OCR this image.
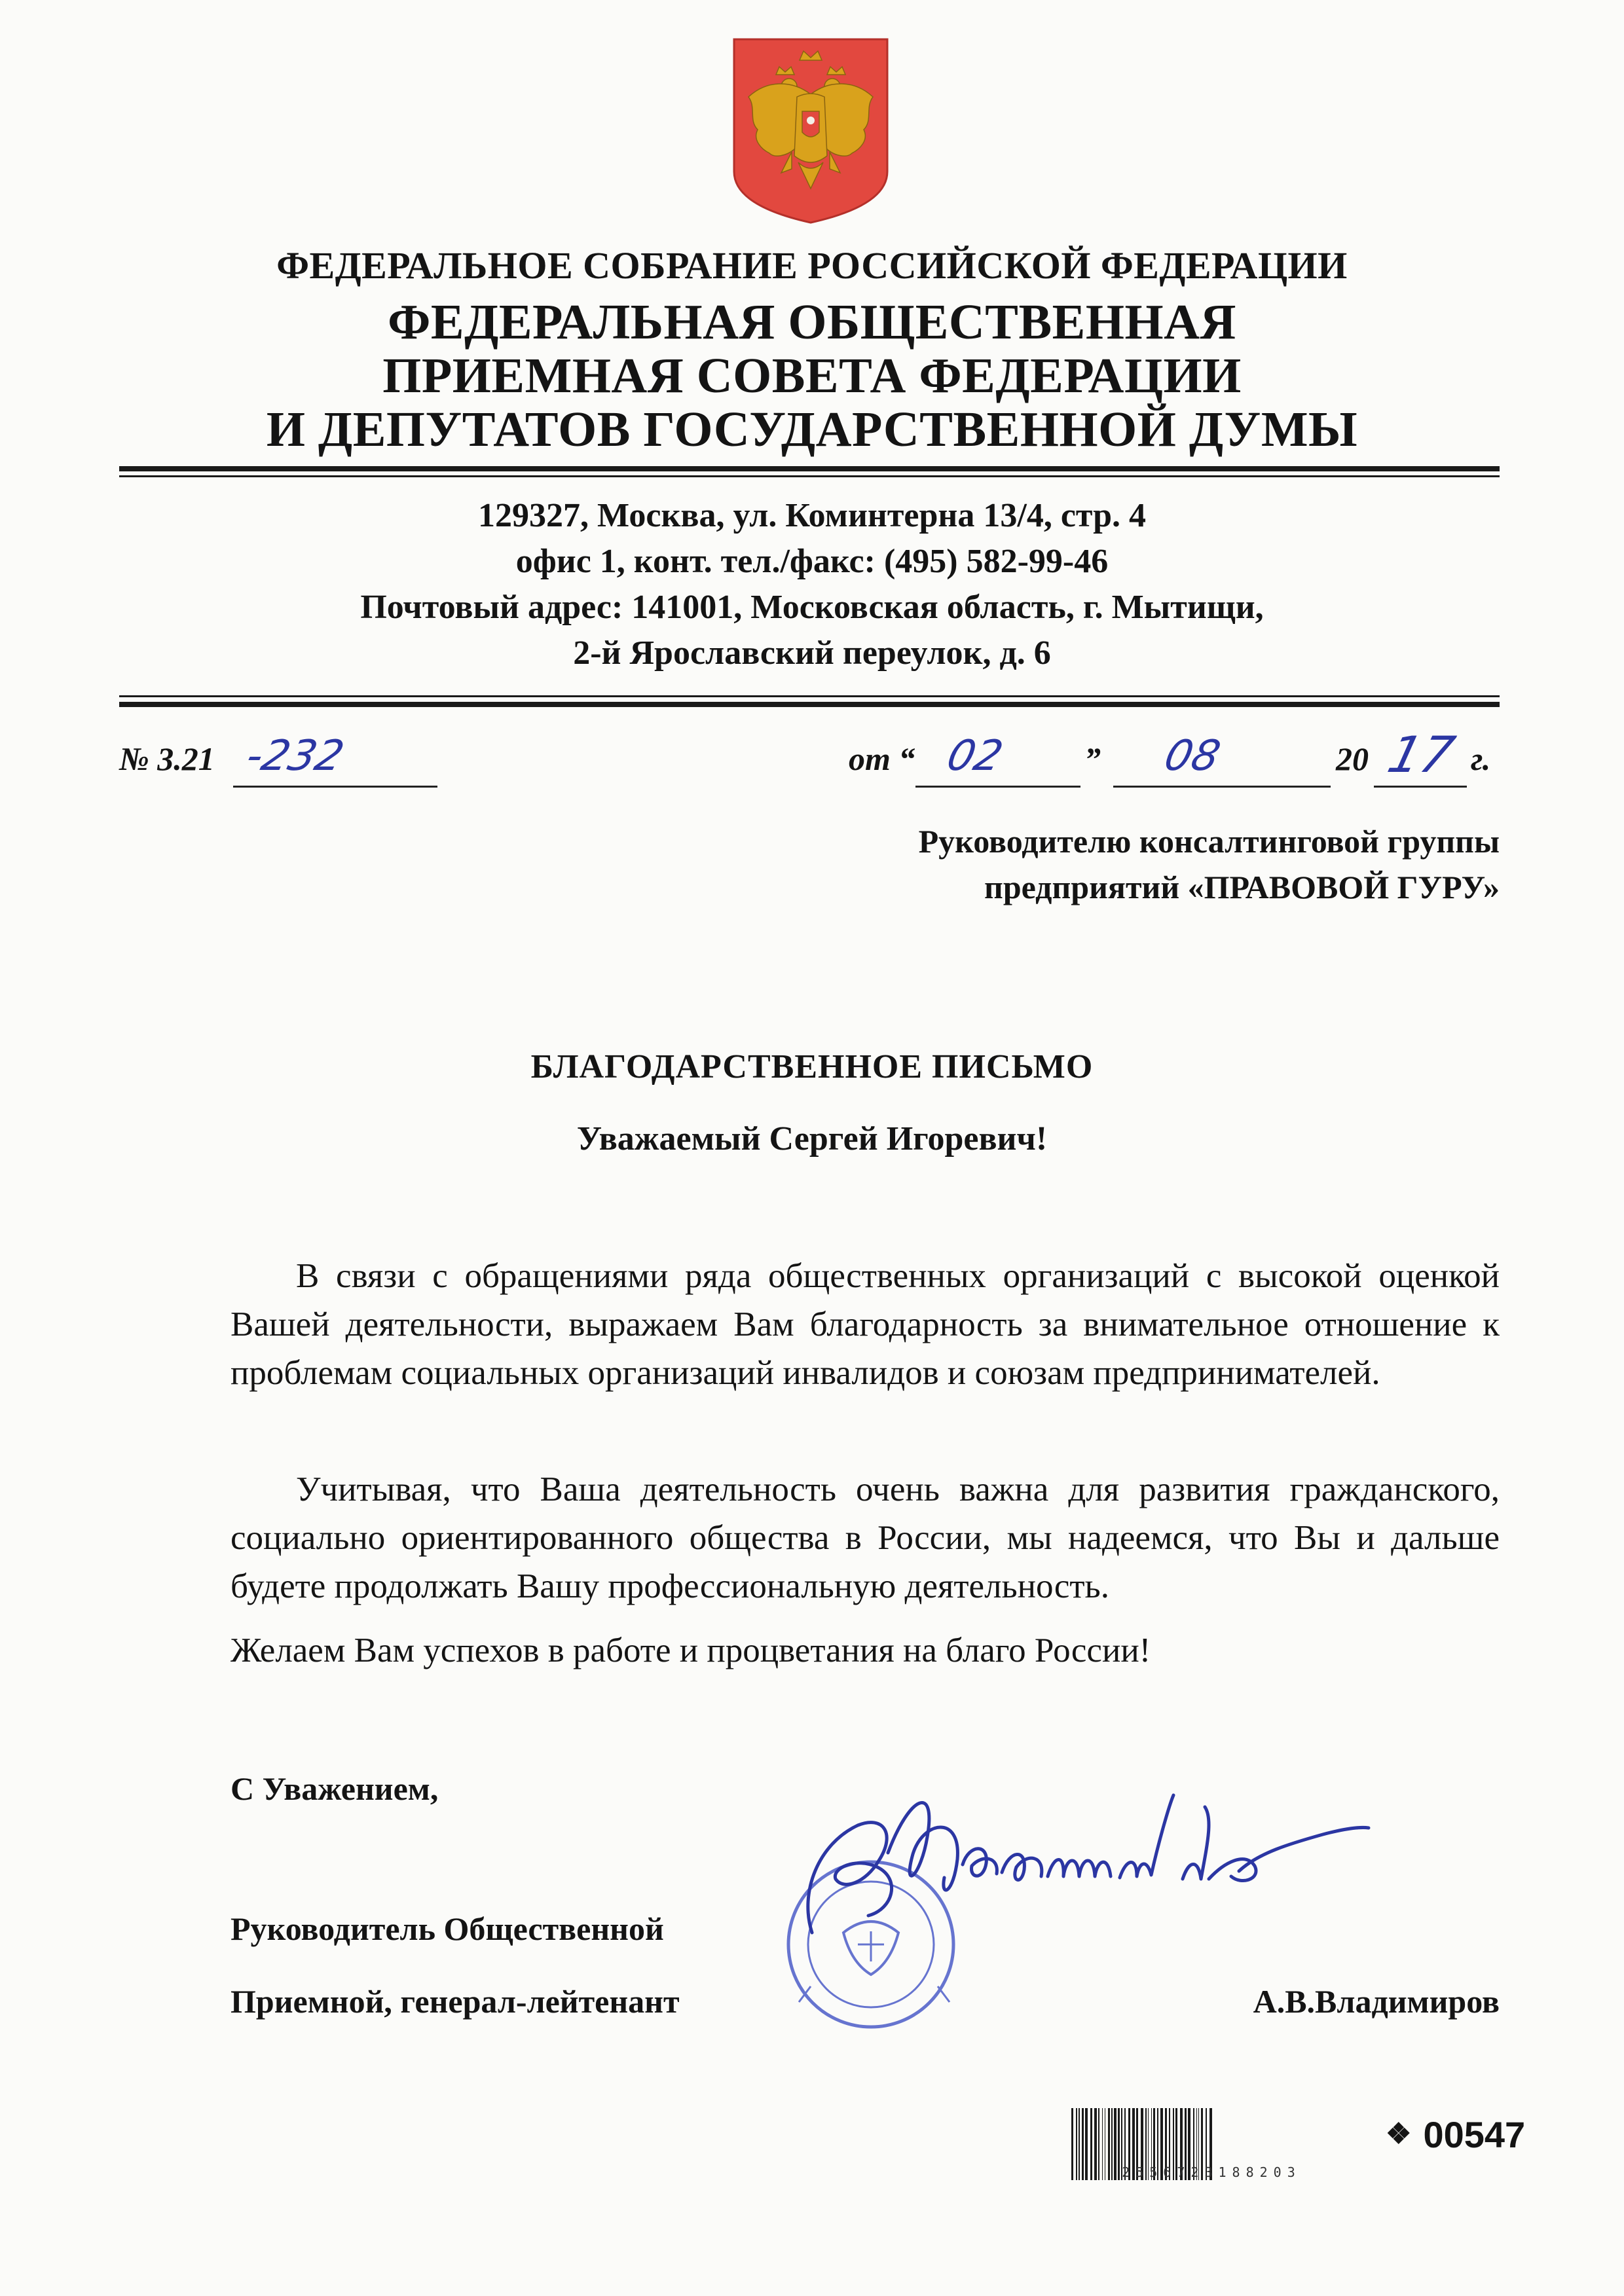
ФЕДЕРАЛЬНОЕ СОБРАНИЕ РОССИЙСКОЙ ФЕДЕРАЦИИ
ФЕДЕРАЛЬНАЯ ОБЩЕСТВЕННАЯ
ПРИЕМНАЯ СОВЕТА ФЕДЕРАЦИИ
И ДЕПУТАТОВ ГОСУДАРСТВЕННОЙ ДУМЫ
129327, Москва, ул. Коминтерна 13/4, стр. 4
офис 1, конт. тел./факс: (495) 582-99-46
Почтовый адрес: 141001, Московская область, г. Мытищи,
2-й Ярославский переулок, д. 6
№ 3.21 -232	от “ 02 ” 08	20 17 г.
Руководителю консалтинговой группы
предприятий «ПРАВОВОЙ ГУРУ»
БЛАГОДАРСТВЕННОЕ ПИСЬМО
Уважаемый Сергей Игоревич!

В связи с обращениями ряда общественных организаций с высокой оценкой Вашей деятельности, выражаем Вам благодарность за внимательное отношение к проблемам социальных организаций инвалидов и союзам предпринимателей.

Учитывая, что Ваша деятельность очень важна для развития гражданского, социально ориентированного общества в России, мы надеемся, что Вы и дальше будете продолжать Вашу профессиональную деятельность.

Желаем Вам успехов в работе и процветания на благо России!

С Уважением,
Руководитель Общественной
Приемной, генерал-лейтенант	А.В.Владимиров
2556723188203
❖ 00547
